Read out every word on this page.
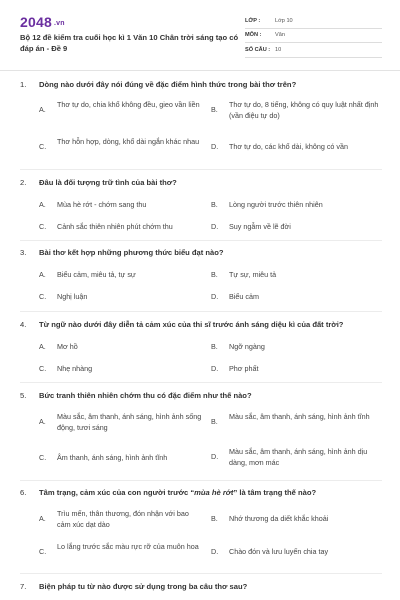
2048 .vn
Bộ 12 đề kiểm tra cuối học kì 1 Văn 10 Chân trời sáng tạo có đáp án - Đề 9
LỚP :	Lớp 10
MÔN :	Văn
SỐ CÂU : 10
1. Dòng nào dưới đây nói đúng về đặc điểm hình thức trong bài thơ trên?
A.
Thơ tự do, chia khổ không đều, gieo vần liền
B.
Thơ tự do, 8 tiếng, không có quy luật nhất định (vần điệu tự do)
C.
Thơ hỗn hợp, dòng, khổ dài ngắn khác nhau
D. Thơ tự do, các khổ dài, không có vần
2. Đâu là đối tượng trữ tình của bài thơ?
A. Mùa hè rớt - chớm sang thu	B. Lòng người trước thiên nhiên
C. Cảnh sắc thiên nhiên phút chớm thu	D. Suy ngẫm về lẽ đời
3. Bài thơ kết hợp những phương thức biểu đạt nào?
A. Biểu cảm, miêu tả, tự sự	B. Tự sự, miêu tả
C. Nghị luận	D. Biểu cảm
4. Từ ngữ nào dưới đây diễn tả cảm xúc của thi sĩ trước ánh sáng diệu kì của đất trời?
A. Mơ hồ	B. Ngỡ ngàng
C. Nhẹ nhàng	D. Phơ phất
5. Bức tranh thiên nhiên chớm thu có đặc điểm như thế nào?
A.
Màu sắc, âm thanh, ánh sáng, hình ảnh sống động, tươi sáng
B.
Màu sắc, âm thanh, ánh sáng, hình ảnh tĩnh
C. Âm thanh, ánh sáng, hình ảnh tĩnh	D.
Màu sắc, âm thanh, ánh sáng, hình ảnh dịu dàng, mơn mác
6. Tâm trạng, cảm xúc của con người trước “mùa hè rớt” là tâm trạng thế nào?
A.
Trìu mến, thân thương, đón nhận với bao cảm xúc dạt dào
B. Nhớ thương da diết khắc khoải
C.
Lo lắng trước sắc màu rực rỡ của muôn hoa
D. Chào đón và lưu luyến chia tay
7. Biện pháp tu từ nào được sử dụng trong ba câu thơ sau?
